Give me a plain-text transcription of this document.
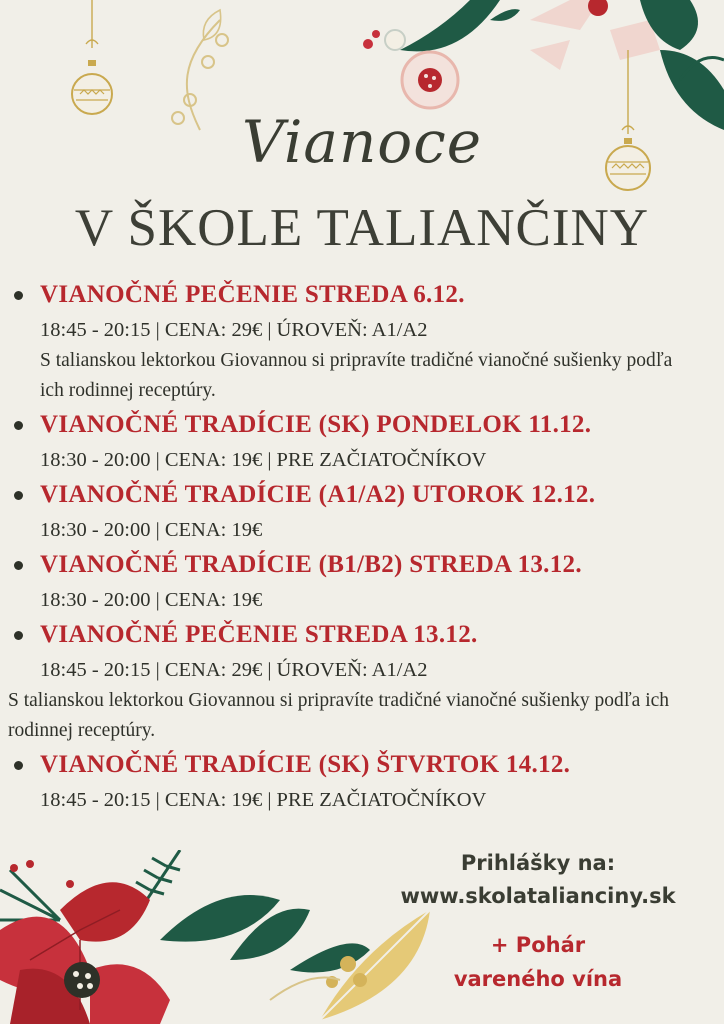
Vianoce
V ŠKOLE TALIANČINY
VIANOČNÉ PEČENIE STREDA 6.12.
18:45 - 20:15 | CENA: 29€ | ÚROVEŇ: A1/A2
S talianskou lektorkou Giovannou si pripravíte tradičné vianočné sušienky podľa ich rodinnej receptúry.
VIANOČNÉ TRADÍCIE (SK) PONDELOK 11.12.
18:30 - 20:00 | CENA: 19€ | PRE ZAČIATOČNÍKOV
VIANOČNÉ TRADÍCIE (A1/A2) UTOROK 12.12.
18:30 - 20:00 | CENA: 19€
VIANOČNÉ TRADÍCIE (B1/B2) STREDA 13.12.
18:30 - 20:00 | CENA: 19€
VIANOČNÉ PEČENIE STREDA 13.12.
18:45 - 20:15 | CENA: 29€ | ÚROVEŇ: A1/A2
S talianskou lektorkou Giovannou si pripravíte tradičné vianočné sušienky podľa ich rodinnej receptúry.
VIANOČNÉ TRADÍCIE (SK) ŠTVRTOK 14.12.
18:45 - 20:15 | CENA: 19€ | PRE ZAČIATOČNÍKOV
Prihlášky na:
www.skolatalianciny.sk
+ Pohár
vareného vína
